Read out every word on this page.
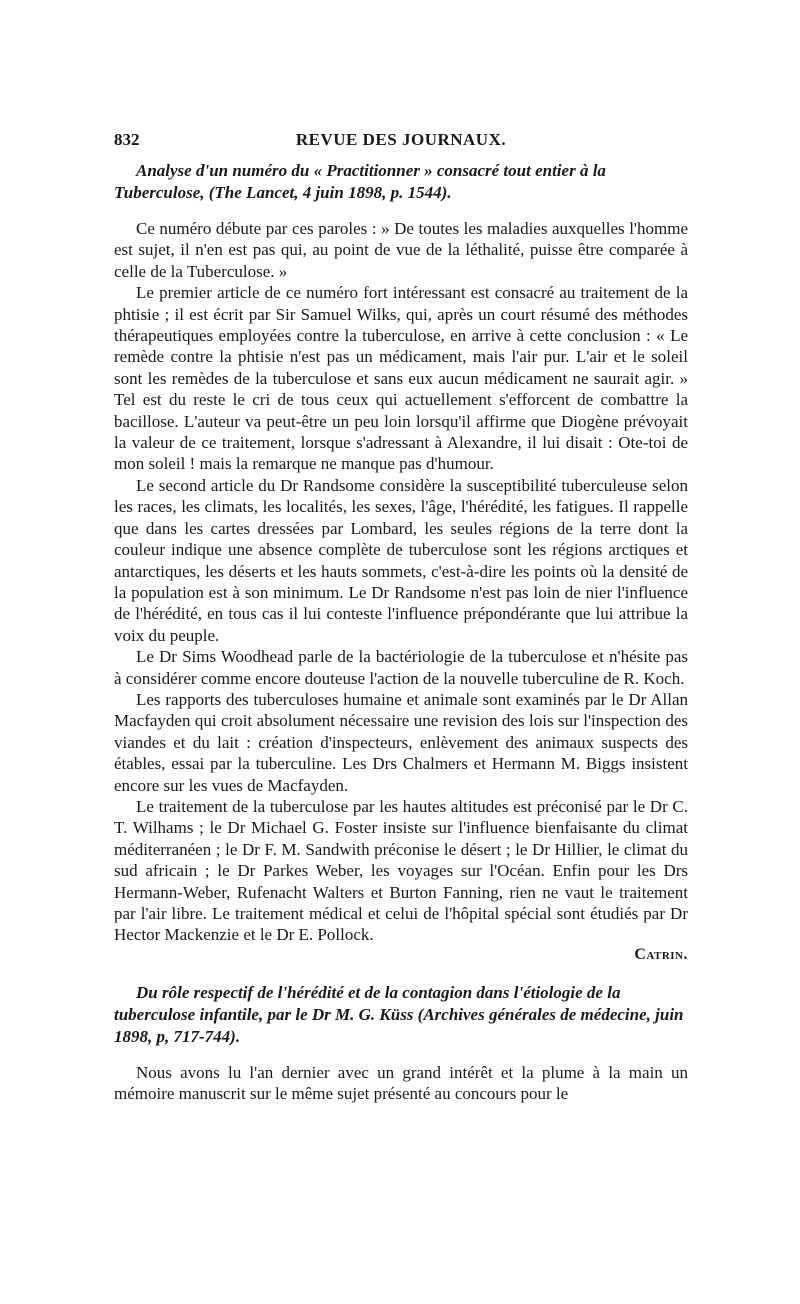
832	REVUE DES JOURNAUX.
Analyse d'un numéro du « Practitionner » consacré tout entier à la Tuberculose, (The Lancet, 4 juin 1898, p. 1544).

Ce numéro débute par ces paroles : » De toutes les maladies auxquelles l'homme est sujet, il n'en est pas qui, au point de vue de la léthalité, puisse être comparée à celle de la Tuberculose. »

Le premier article de ce numéro fort intéressant est consacré au traitement de la phtisie ; il est écrit par Sir Samuel Wilks, qui, après un court résumé des méthodes thérapeutiques employées contre la tuberculose, en arrive à cette conclusion : « Le remède contre la phtisie n'est pas un médicament, mais l'air pur. L'air et le soleil sont les remèdes de la tuberculose et sans eux aucun médicament ne saurait agir. » Tel est du reste le cri de tous ceux qui actuellement s'efforcent de combattre la bacillose. L'auteur va peut-être un peu loin lorsqu'il affirme que Diogène prévoyait la valeur de ce traitement, lorsque s'adressant à Alexandre, il lui disait : Ote-toi de mon soleil ! mais la remarque ne manque pas d'humour.

Le second article du Dr Randsome considère la susceptibilité tuberculeuse selon les races, les climats, les localités, les sexes, l'âge, l'hérédité, les fatigues. Il rappelle que dans les cartes dressées par Lombard, les seules régions de la terre dont la couleur indique une absence complète de tuberculose sont les régions arctiques et antarctiques, les déserts et les hauts sommets, c'est-à-dire les points où la densité de la population est à son minimum. Le Dr Randsome n'est pas loin de nier l'influence de l'hérédité, en tous cas il lui conteste l'influence prépondérante que lui attribue la voix du peuple.

Le Dr Sims Woodhead parle de la bactériologie de la tuberculose et n'hésite pas à considérer comme encore douteuse l'action de la nouvelle tuberculine de R. Koch.

Les rapports des tuberculoses humaine et animale sont examinés par le Dr Allan Macfayden qui croit absolument nécessaire une revision des lois sur l'inspection des viandes et du lait : création d'inspecteurs, enlèvement des animaux suspects des étables, essai par la tuberculine. Les Drs Chalmers et Hermann M. Biggs insistent encore sur les vues de Macfayden.

Le traitement de la tuberculose par les hautes altitudes est préconisé par le Dr C. T. Wilhams ; le Dr Michael G. Foster insiste sur l'influence bienfaisante du climat méditerranéen ; le Dr F. M. Sandwith préconise le désert ; le Dr Hillier, le climat du sud africain ; le Dr Parkes Weber, les voyages sur l'Océan. Enfin pour les Drs Hermann-Weber, Rufenacht Walters et Burton Fanning, rien ne vaut le traitement par l'air libre. Le traitement médical et celui de l'hôpital spécial sont étudiés par Dr Hector Mackenzie et le Dr E. Pollock.

Catrin.
Du rôle respectif de l'hérédité et de la contagion dans l'étiologie de la tuberculose infantile, par le Dr M. G. Küss (Archives générales de médecine, juin 1898, p, 717-744).

Nous avons lu l'an dernier avec un grand intérêt et la plume à la main un mémoire manuscrit sur le même sujet présenté au concours pour le
